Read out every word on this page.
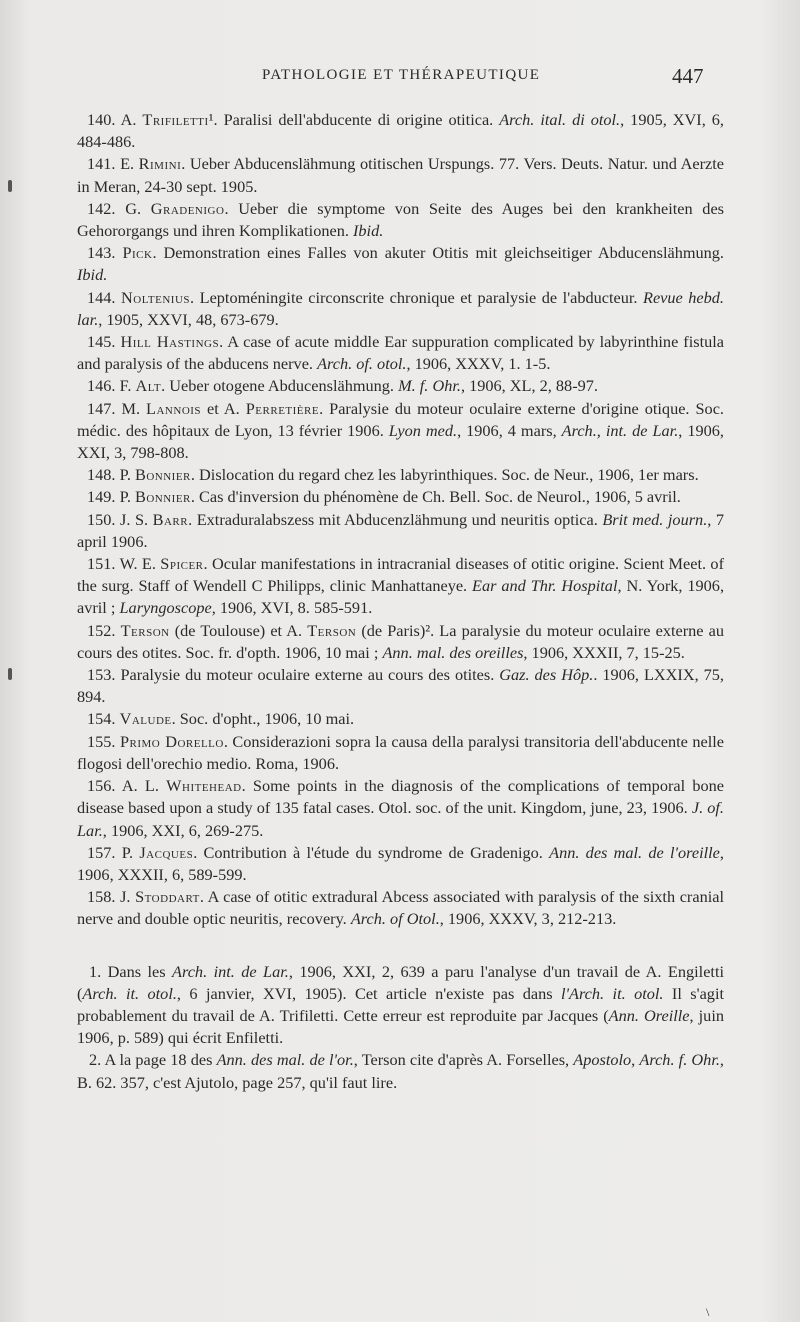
PATHOLOGIE ET THÉRAPEUTIQUE	447

140. A. Trifiletti¹. Paralisi dell'abducente di origine otitica. Arch. ital. di otol., 1905, XVI, 6, 484-486.

141. E. Rimini. Ueber Abducenslähmung otitischen Urspungs. 77. Vers. Deuts. Natur. und Aerzte in Meran, 24-30 sept. 1905.

142. G. Gradenigo. Ueber die symptome von Seite des Auges bei den krankheiten des Gehororgangs und ihren Komplikationen. Ibid.

143. Pick. Demonstration eines Falles von akuter Otitis mit gleichseitiger Abducenslähmung. Ibid.

144. Noltenius. Leptoméningite circonscrite chronique et paralysie de l'abducteur. Revue hebd. lar., 1905, XXVI, 48, 673-679.

145. Hill Hastings. A case of acute middle Ear suppuration complicated by labyrinthine fistula and paralysis of the abducens nerve. Arch. of. otol., 1906, XXXV, 1. 1-5.

146. F. Alt. Ueber otogene Abducenslähmung. M. f. Ohr., 1906, XL, 2, 88-97.

147. M. Lannois et A. Perretière. Paralysie du moteur oculaire externe d'origine otique. Soc. médic. des hôpitaux de Lyon, 13 février 1906. Lyon med., 1906, 4 mars, Arch., int. de Lar., 1906, XXI, 3, 798-808.

148. P. Bonnier. Dislocation du regard chez les labyrinthiques. Soc. de Neur., 1906, 1er mars.

149. P. Bonnier. Cas d'inversion du phénomène de Ch. Bell. Soc. de Neurol., 1906, 5 avril.

150. J. S. Barr. Extraduralabszess mit Abducenzlähmung und neuritis optica. Brit med. journ., 7 april 1906.

151. W. E. Spicer. Ocular manifestations in intracranial diseases of otitic origine. Scient Meet. of the surg. Staff of Wendell C Philipps, clinic Manhattaneye. Ear and Thr. Hospital, N. York, 1906, avril ; Laryngoscope, 1906, XVI, 8. 585-591.

152. Terson (de Toulouse) et A. Terson (de Paris)². La paralysie du moteur oculaire externe au cours des otites. Soc. fr. d'opth. 1906, 10 mai ; Ann. mal. des oreilles, 1906, XXXII, 7, 15-25.

153. Paralysie du moteur oculaire externe au cours des otites. Gaz. des Hôp.. 1906, LXXIX, 75, 894.

154. Valude. Soc. d'opht., 1906, 10 mai.

155. Primo Dorello. Considerazioni sopra la causa della paralysi transitoria dell'abducente nelle flogosi dell'orechio medio. Roma, 1906.

156. A. L. Whitehead. Some points in the diagnosis of the complications of temporal bone disease based upon a study of 135 fatal cases. Otol. soc. of the unit. Kingdom, june, 23, 1906. J. of. Lar., 1906, XXI, 6, 269-275.

157. P. Jacques. Contribution à l'étude du syndrome de Gradenigo. Ann. des mal. de l'oreille, 1906, XXXII, 6, 589-599.

158. J. Stoddart. A case of otitic extradural Abcess associated with paralysis of the sixth cranial nerve and double optic neuritis, recovery. Arch. of Otol., 1906, XXXV, 3, 212-213.

1. Dans les Arch. int. de Lar., 1906, XXI, 2, 639 a paru l'analyse d'un travail de A. Engiletti (Arch. it. otol., 6 janvier, XVI, 1905). Cet article n'existe pas dans l'Arch. it. otol. Il s'agit probablement du travail de A. Trifiletti. Cette erreur est reproduite par Jacques (Ann. Oreille, juin 1906, p. 589) qui écrit Enfiletti.

2. A la page 18 des Ann. des mal. de l'or., Terson cite d'après A. Forselles, Apostolo, Arch. f. Ohr., B. 62. 357, c'est Ajutolo, page 257, qu'il faut lire.

\
